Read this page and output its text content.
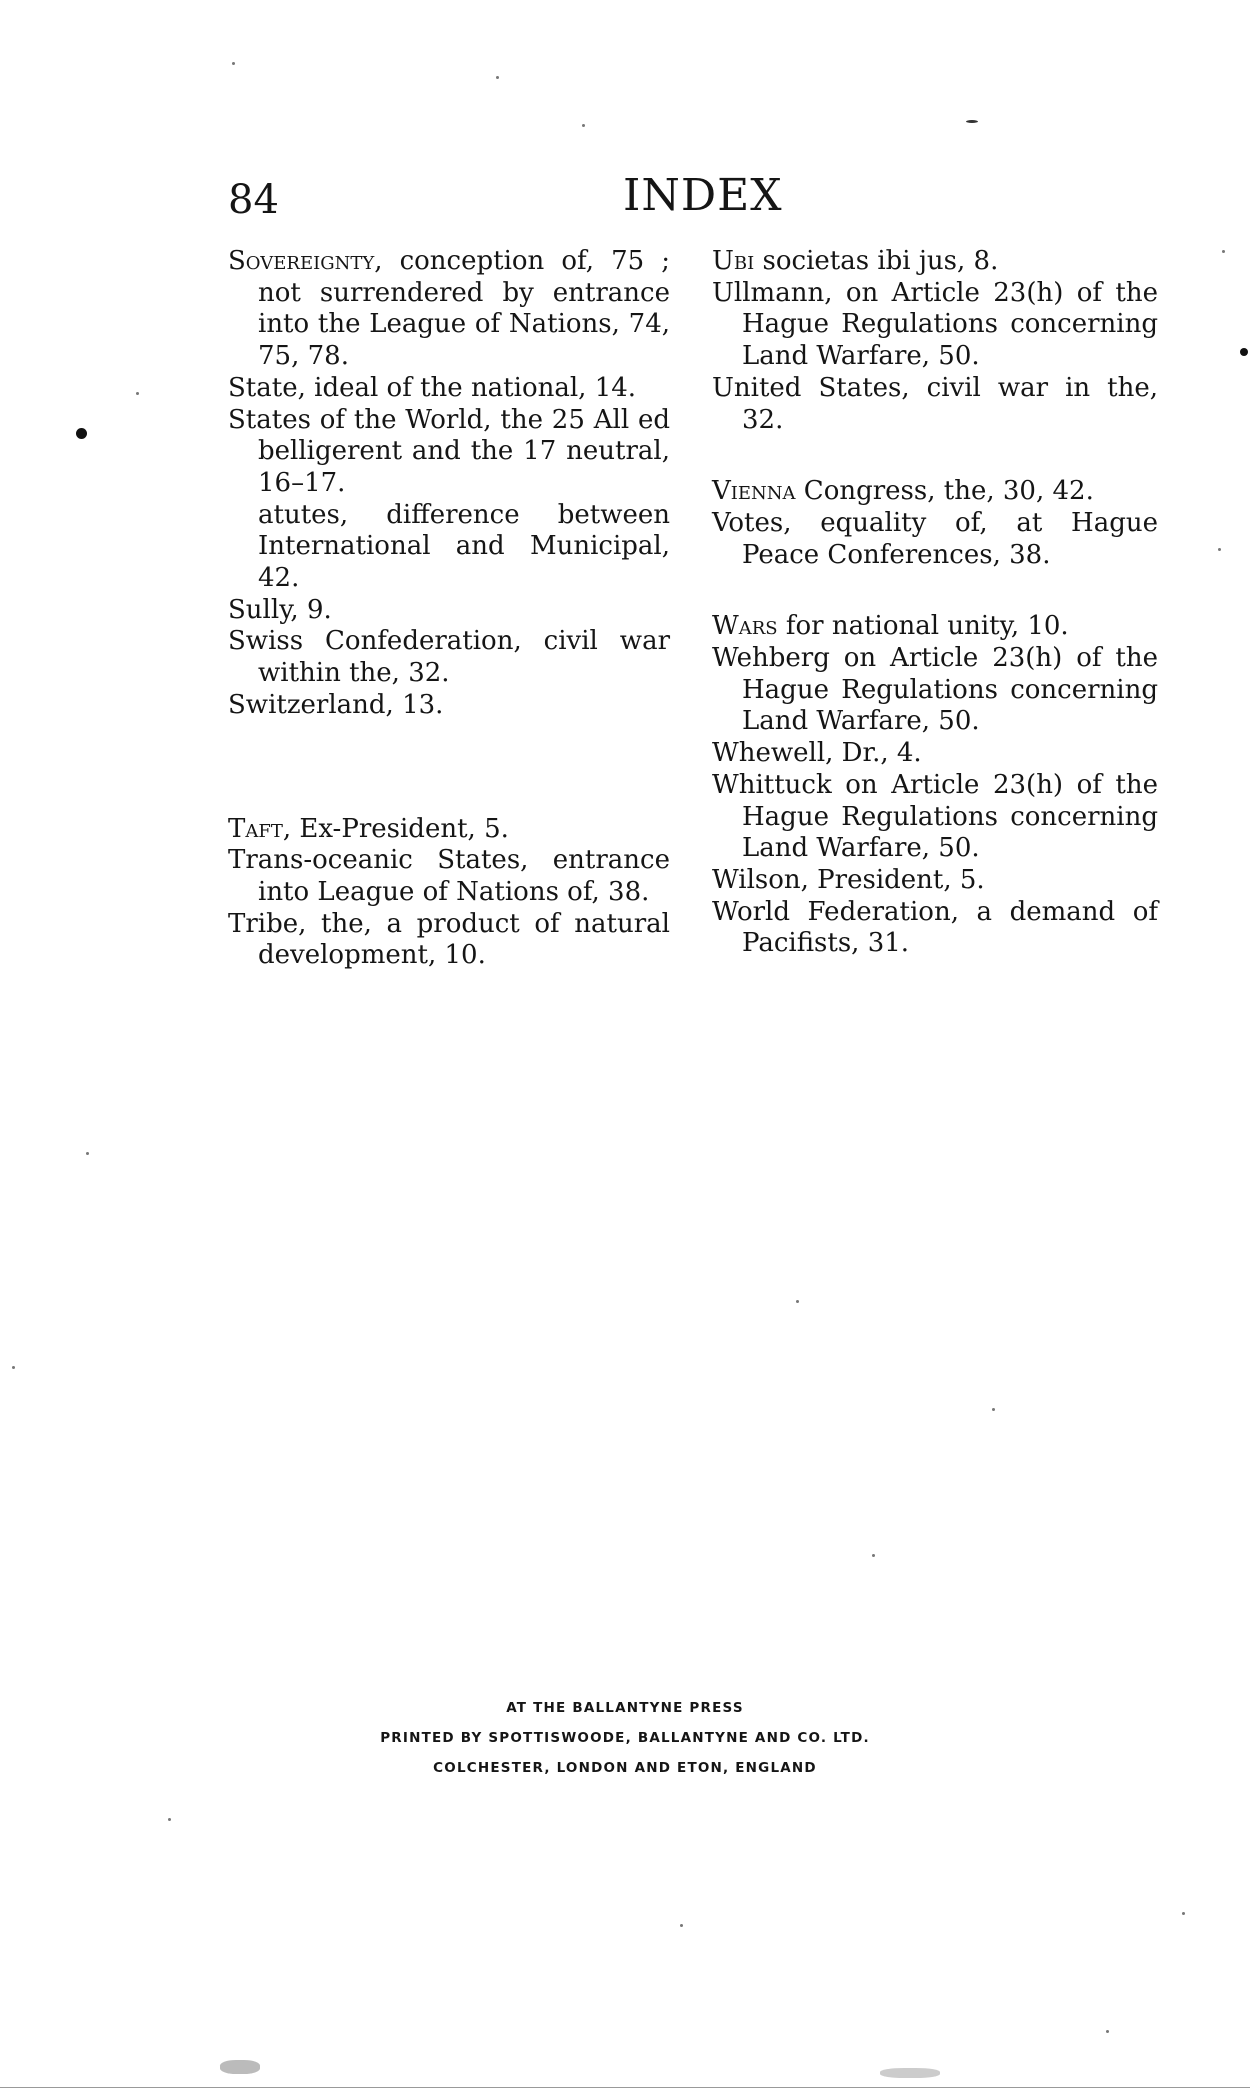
84	INDEX

Sovereignty, conception of, 75 ; not surrendered by entrance into the League of Nations, 74, 75, 78.

State, ideal of the national, 14.

States of the World, the 25 All ed belligerent and the 17 neutral, 16–17.

atutes, difference between International and Municipal, 42.

Sully, 9.

Swiss Confederation, civil war within the, 32.

Switzerland, 13.

Taft, Ex-President, 5.

Trans-oceanic States, entrance into League of Nations of, 38.

Tribe, the, a product of natural development, 10.

Ubi societas ibi jus, 8.

Ullmann, on Article 23(h) of the Hague Regulations concerning Land Warfare, 50.

United States, civil war in the, 32.

Vienna Congress, the, 30, 42.

Votes, equality of, at Hague Peace Conferences, 38.

Wars for national unity, 10.

Wehberg on Article 23(h) of the Hague Regulations concerning Land Warfare, 50.

Whewell, Dr., 4.

Whittuck on Article 23(h) of the Hague Regulations concerning Land Warfare, 50.

Wilson, President, 5.

World Federation, a demand of Pacifists, 31.

AT THE BALLANTYNE PRESS
PRINTED BY SPOTTISWOODE, BALLANTYNE AND CO. LTD.
COLCHESTER, LONDON AND ETON, ENGLAND
